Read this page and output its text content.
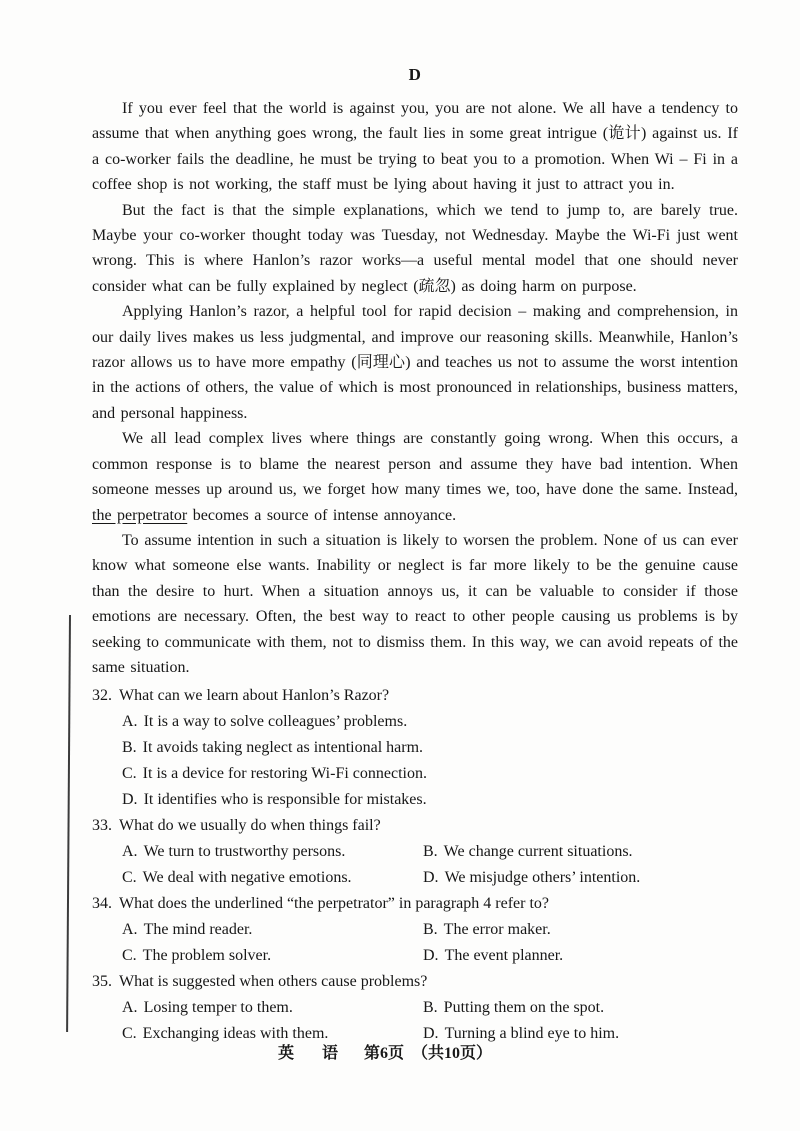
D

If you ever feel that the world is against you, you are not alone. We all have a tendency to assume that when anything goes wrong, the fault lies in some great intrigue (诡计) against us. If a co-worker fails the deadline, he must be trying to beat you to a promotion. When Wi – Fi in a coffee shop is not working, the staff must be lying about having it just to attract you in.

But the fact is that the simple explanations, which we tend to jump to, are barely true. Maybe your co-worker thought today was Tuesday, not Wednesday. Maybe the Wi-Fi just went wrong. This is where Hanlon’s razor works—a useful mental model that one should never consider what can be fully explained by neglect (疏忽) as doing harm on purpose.

Applying Hanlon’s razor, a helpful tool for rapid decision – making and comprehension, in our daily lives makes us less judgmental, and improve our reasoning skills. Meanwhile, Hanlon’s razor allows us to have more empathy (同理心) and teaches us not to assume the worst intention in the actions of others, the value of which is most pronounced in relationships, business matters, and personal happiness.

We all lead complex lives where things are constantly going wrong. When this occurs, a common response is to blame the nearest person and assume they have bad intention. When someone messes up around us, we forget how many times we, too, have done the same. Instead, the perpetrator becomes a source of intense annoyance.

To assume intention in such a situation is likely to worsen the problem. None of us can ever know what someone else wants. Inability or neglect is far more likely to be the genuine cause than the desire to hurt. When a situation annoys us, it can be valuable to consider if those emotions are necessary. Often, the best way to react to other people causing us problems is by seeking to communicate with them, not to dismiss them. In this way, we can avoid repeats of the same situation.

32. What can we learn about Hanlon’s Razor?
A. It is a way to solve colleagues’ problems.
B. It avoids taking neglect as intentional harm.
C. It is a device for restoring Wi-Fi connection.
D. It identifies who is responsible for mistakes.
33. What do we usually do when things fail?
A. We turn to trustworthy persons.	B. We change current situations.
C. We deal with negative emotions.	D. We misjudge others’ intention.
34. What does the underlined “the perpetrator” in paragraph 4 refer to?
A. The mind reader.	B. The error maker.
C. The problem solver.	D. The event planner.
35. What is suggested when others cause problems?
A. Losing temper to them.	B. Putting them on the spot.
C. Exchanging ideas with them.	D. Turning a blind eye to him.
英 语 第6页 （共10页）
